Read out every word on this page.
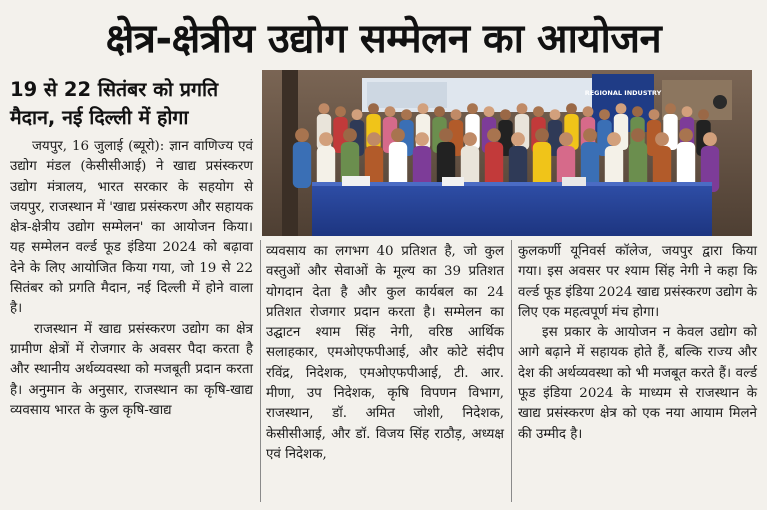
क्षेत्र-क्षेत्रीय उद्योग सम्मेलन का आयोजन
19 से 22 सितंबर को प्रगति मैदान, नई दिल्ली में होगा
REGIONAL INDUSTRY

जयपुर, 16 जुलाई (ब्यूरो): ज्ञान वाणिज्य एवं उद्योग मंडल (केसीसीआई) ने खाद्य प्रसंस्करण उद्योग मंत्रालय, भारत सरकार के सहयोग से जयपुर, राजस्थान में 'खाद्य प्रसंस्करण और सहायक क्षेत्र-क्षेत्रीय उद्योग सम्मेलन' का आयोजन किया। यह सम्मेलन वर्ल्ड फूड इंडिया 2024 को बढ़ावा देने के लिए आयोजित किया गया, जो 19 से 22 सितंबर को प्रगति मैदान, नई दिल्ली में होने वाला है।

राजस्थान में खाद्य प्रसंस्करण उद्योग का क्षेत्र ग्रामीण क्षेत्रों में रोजगार के अवसर पैदा करता है और स्थानीय अर्थव्यवस्था को मजबूती प्रदान करता है। अनुमान के अनुसार, राजस्थान का कृषि-खाद्य व्यवसाय भारत के कुल कृषि-खाद्य

व्यवसाय का लगभग 40 प्रतिशत है, जो कुल वस्तुओं और सेवाओं के मूल्य का 39 प्रतिशत योगदान देता है और कुल कार्यबल का 24 प्रतिशत रोजगार प्रदान करता है। सम्मेलन का उद्घाटन श्याम सिंह नेगी, वरिष्ठ आर्थिक सलाहकार, एमओएफपीआई, और कोटे संदीप रविंद्र, निदेशक, एमओएफपीआई, टी. आर. मीणा, उप निदेशक, कृषि विपणन विभाग, राजस्थान, डॉ. अमित जोशी, निदेशक, केसीसीआई, और डॉ. विजय सिंह राठौड़, अध्यक्ष एवं निदेशक,

कुलकर्णी यूनिवर्स कॉलेज, जयपुर द्वारा किया गया। इस अवसर पर श्याम सिंह नेगी ने कहा कि वर्ल्ड फूड इंडिया 2024 खाद्य प्रसंस्करण उद्योग के लिए एक महत्वपूर्ण मंच होगा।

इस प्रकार के आयोजन न केवल उद्योग को आगे बढ़ाने में सहायक होते हैं, बल्कि राज्य और देश की अर्थव्यवस्था को भी मजबूत करते हैं। वर्ल्ड फूड इंडिया 2024 के माध्यम से राजस्थान के खाद्य प्रसंस्करण क्षेत्र को एक नया आयाम मिलने की उम्मीद है।
